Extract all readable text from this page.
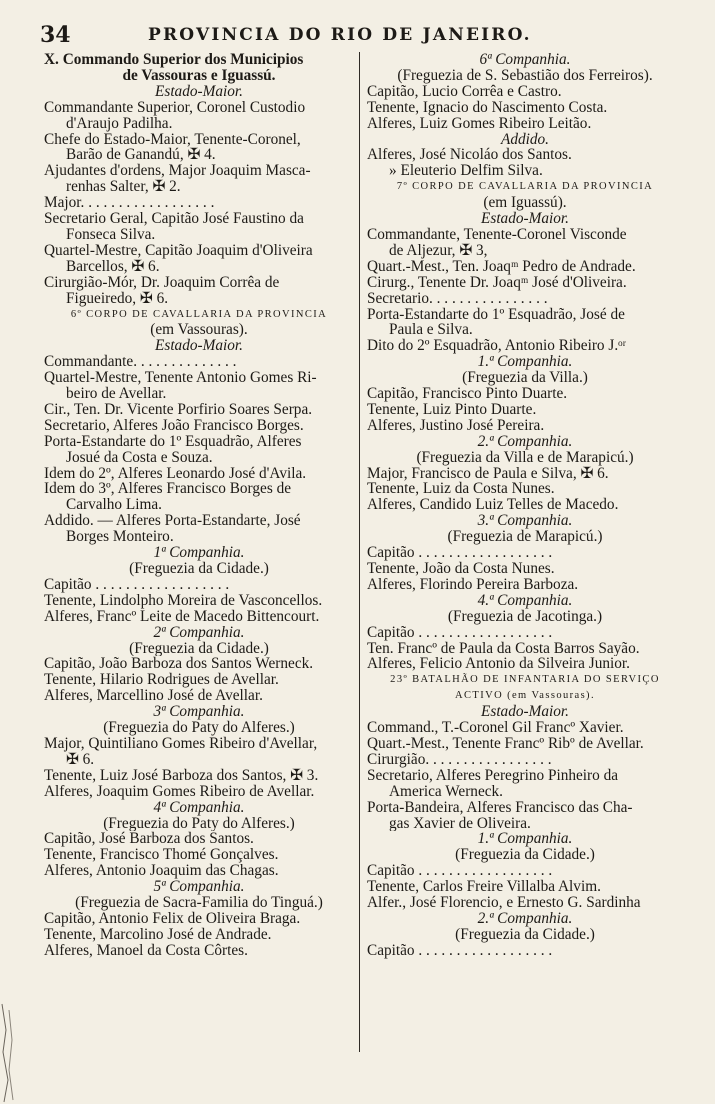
34	PROVINCIA DO RIO DE JANEIRO.
X. Commando Superior dos Municipios
de Vassouras e Iguassú.
Estado-Maior.
Commandante Superior, Coronel Custodio
d'Araujo Padilha.
Chefe do Estado-Maior, Tenente-Coronel,
Barão de Ganandú, ✠ 4.
Ajudantes d'ordens, Major Joaquim Masca-
renhas Salter, ✠ 2.
Major. . . . . . . . . . . . . . . . . .
Secretario Geral, Capitão José Faustino da
Fonseca Silva.
Quartel-Mestre, Capitão Joaquim d'Oliveira
Barcellos, ✠ 6.
Cirurgião-Mór, Dr. Joaquim Corrêa de
Figueiredo, ✠ 6.
6º CORPO DE CAVALLARIA DA PROVINCIA
(em Vassouras).
Estado-Maior.
Commandante. . . . . . . . . . . . . .
Quartel-Mestre, Tenente Antonio Gomes Ri-
beiro de Avellar.
Cir., Ten. Dr. Vicente Porfirio Soares Serpa.
Secretario, Alferes João Francisco Borges.
Porta-Estandarte do 1º Esquadrão, Alferes
Josué da Costa e Souza.
Idem do 2º, Alferes Leonardo José d'Avila.
Idem do 3º, Alferes Francisco Borges de
Carvalho Lima.
Addido. — Alferes Porta-Estandarte, José
Borges Monteiro.
1ª Companhia.
(Freguezia da Cidade.)
Capitão . . . . . . . . . . . . . . . . . .
Tenente, Lindolpho Moreira de Vasconcellos.
Alferes, Francº Leite de Macedo Bittencourt.
2ª Companhia.
(Freguezia da Cidade.)
Capitão, João Barboza dos Santos Werneck.
Tenente, Hilario Rodrigues de Avellar.
Alferes, Marcellino José de Avellar.
3ª Companhia.
(Freguezia do Paty do Alferes.)
Major, Quintiliano Gomes Ribeiro d'Avellar,
✠ 6.
Tenente, Luiz José Barboza dos Santos, ✠ 3.
Alferes, Joaquim Gomes Ribeiro de Avellar.
4ª Companhia.
(Freguezia do Paty do Alferes.)
Capitão, José Barboza dos Santos.
Tenente, Francisco Thomé Gonçalves.
Alferes, Antonio Joaquim das Chagas.
5ª Companhia.
(Freguezia de Sacra-Familia do Tinguá.)
Capitão, Antonio Felix de Oliveira Braga.
Tenente, Marcolino José de Andrade.
Alferes, Manoel da Costa Côrtes.
6ª Companhia.
(Freguezia de S. Sebastião dos Ferreiros).
Capitão, Lucio Corrêa e Castro.
Tenente, Ignacio do Nascimento Costa.
Alferes, Luiz Gomes Ribeiro Leitão.
Addido.
Alferes, José Nicoláo dos Santos.
» Eleuterio Delfim Silva.
7º CORPO DE CAVALLARIA DA PROVINCIA
(em Iguassú).
Estado-Maior.
Commandante, Tenente-Coronel Visconde
de Aljezur, ✠ 3,
Quart.-Mest., Ten. Joaqᵐ Pedro de Andrade.
Cirurg., Tenente Dr. Joaqᵐ José d'Oliveira.
Secretario. . . . . . . . . . . . . . . .
Porta-Estandarte do 1º Esquadrão, José de
Paula e Silva.
Dito do 2º Esquadrão, Antonio Ribeiro J.ᵒʳ
1.ª Companhia.
(Freguezia da Villa.)
Capitão, Francisco Pinto Duarte.
Tenente, Luiz Pinto Duarte.
Alferes, Justino José Pereira.
2.ª Companhia.
(Freguezia da Villa e de Marapicú.)
Major, Francisco de Paula e Silva, ✠ 6.
Tenente, Luiz da Costa Nunes.
Alferes, Candido Luiz Telles de Macedo.
3.ª Companhia.
(Freguezia de Marapicú.)
Capitão . . . . . . . . . . . . . . . . . .
Tenente, João da Costa Nunes.
Alferes, Florindo Pereira Barboza.
4.ª Companhia.
(Freguezia de Jacotinga.)
Capitão . . . . . . . . . . . . . . . . . .
Ten. Francº de Paula da Costa Barros Sayão.
Alferes, Felicio Antonio da Silveira Junior.
23º BATALHÃO DE INFANTARIA DO SERVIÇO
ACTIVO (em Vassouras).
Estado-Maior.
Command., T.-Coronel Gil Francº Xavier.
Quart.-Mest., Tenente Francº Ribº de Avellar.
Cirurgião. . . . . . . . . . . . . . . . .
Secretario, Alferes Peregrino Pinheiro da
America Werneck.
Porta-Bandeira, Alferes Francisco das Cha-
gas Xavier de Oliveira.
1.ª Companhia.
(Freguezia da Cidade.)
Capitão . . . . . . . . . . . . . . . . . .
Tenente, Carlos Freire Villalba Alvim.
Alfer., José Florencio, e Ernesto G. Sardinha
2.ª Companhia.
(Freguezia da Cidade.)
Capitão . . . . . . . . . . . . . . . . . .
